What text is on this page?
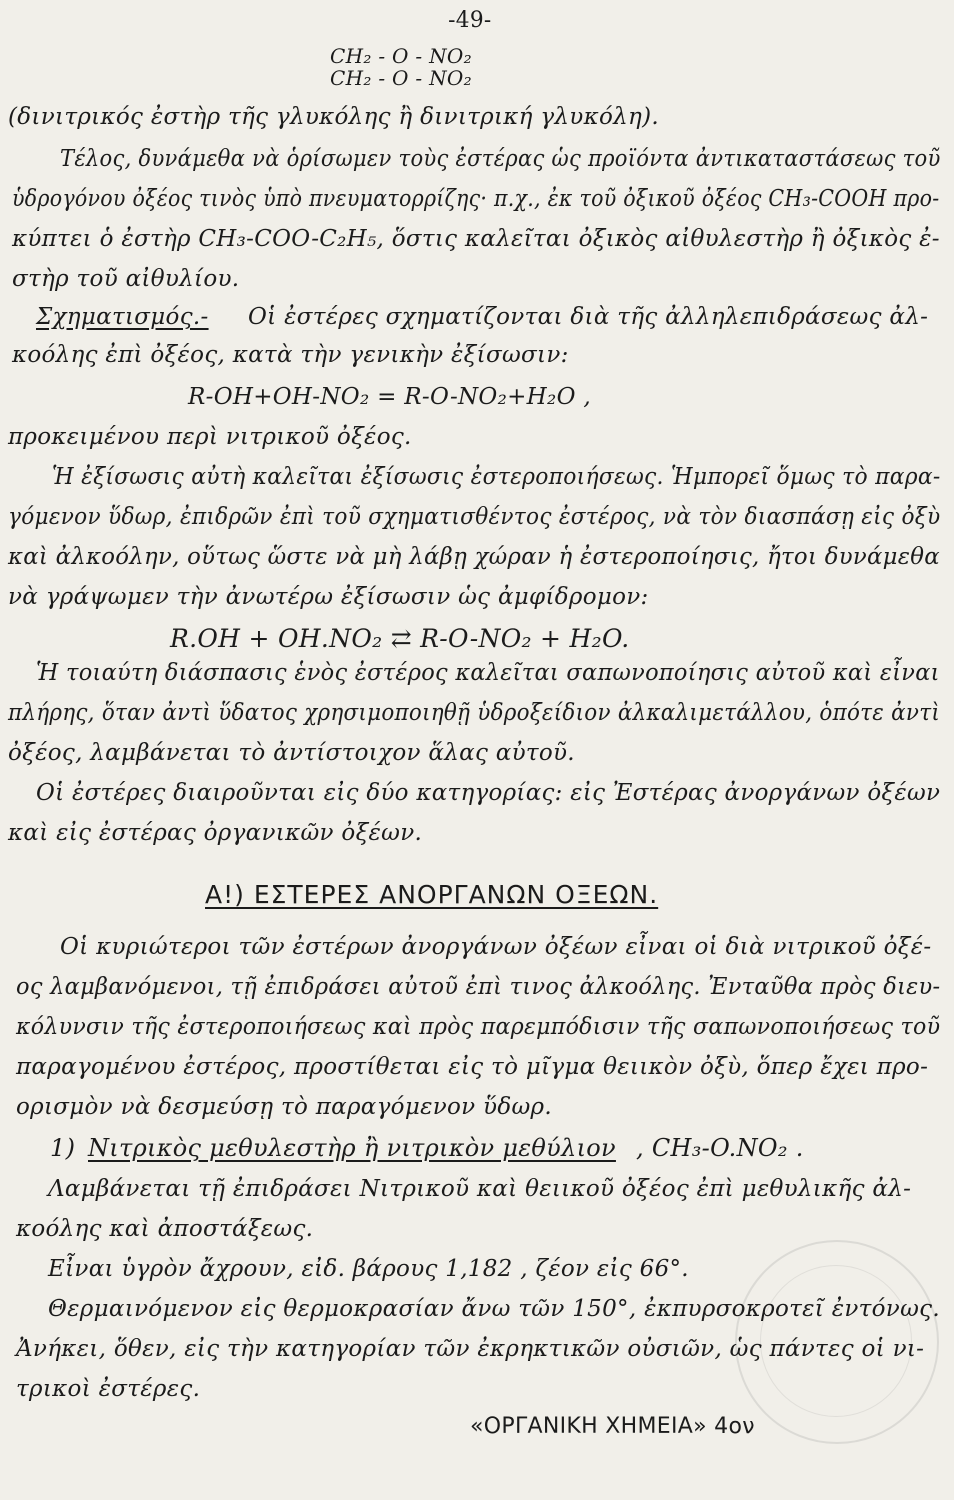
-49-
CH₂ - O - NO₂
CH₂ - O - NO₂
(δινιτρικός ἐστὴρ τῆς γλυκόλης ἢ δινιτρική γλυκόλη).
Τέλος, δυνάμεθα νὰ ὁρίσωμεν τοὺς ἐστέρας ὡς προϊόντα ἀντικαταστάσεως τοῦ
ὑδρογόνου ὀξέος τινὸς ὑπὸ πνευματορρίζης· π.χ., ἐκ τοῦ ὀξικοῦ ὀξέος CH₃-COOH προ-
κύπτει ὁ ἐστὴρ CH₃-COO-C₂H₅, ὅστις καλεῖται ὀξικὸς αἰθυλεστὴρ ἢ ὀξικὸς ἐ-
στὴρ τοῦ αἰθυλίου.
Σχηματισμός.- Οἱ ἐστέρες σχηματίζονται διὰ τῆς ἀλληλεπιδράσεως ἀλ-
κοόλης ἐπὶ ὀξέος, κατὰ τὴν γενικὴν ἐξίσωσιν:
R-OH+OH-NO₂ = R-O-NO₂+H₂O ,
προκειμένου περὶ νιτρικοῦ ὀξέος.
Ἡ ἐξίσωσις αὐτὴ καλεῖται ἐξίσωσις ἐστεροποιήσεως. Ἡμπορεῖ ὅμως τὸ παρα-
γόμενον ὕδωρ, ἐπιδρῶν ἐπὶ τοῦ σχηματισθέντος ἐστέρος, νὰ τὸν διασπάσῃ εἰς ὀξὺ
καὶ ἀλκοόλην, οὕτως ὥστε νὰ μὴ λάβῃ χώραν ἡ ἐστεροποίησις, ἤτοι δυνάμεθα
νὰ γράψωμεν τὴν ἀνωτέρω ἐξίσωσιν ὡς ἀμφίδρομον:
R.OH + OH.NO₂ ⇄ R-O-NO₂ + H₂O.
Ἡ τοιαύτη διάσπασις ἑνὸς ἐστέρος καλεῖται σαπωνοποίησις αὐτοῦ καὶ εἶναι
πλήρης, ὅταν ἀντὶ ὕδατος χρησιμοποιηθῇ ὑδροξείδιον ἀλκαλιμετάλλου, ὁπότε ἀντὶ
ὀξέος, λαμβάνεται τὸ ἀντίστοιχον ἅλας αὐτοῦ.
Οἱ ἐστέρες διαιροῦνται εἰς δύο κατηγορίας: εἰς Ἐστέρας ἀνοργάνων ὀξέων
καὶ εἰς ἐστέρας ὀργανικῶν ὀξέων.
Α!) ΕΣΤΕΡΕΣ ΑΝΟΡΓΑΝΩΝ ΟΞΕΩΝ.
Οἱ κυριώτεροι τῶν ἐστέρων ἀνοργάνων ὀξέων εἶναι οἱ διὰ νιτρικοῦ ὀξέ-
ος λαμβανόμενοι, τῇ ἐπιδράσει αὐτοῦ ἐπὶ τινος ἀλκοόλης. Ἐνταῦθα πρὸς διευ-
κόλυνσιν τῆς ἐστεροποιήσεως καὶ πρὸς παρεμπόδισιν τῆς σαπωνοποιήσεως τοῦ
παραγομένου ἐστέρος, προστίθεται εἰς τὸ μῖγμα θειικὸν ὀξὺ, ὅπερ ἔχει προ-
ορισμὸν νὰ δεσμεύσῃ τὸ παραγόμενον ὕδωρ.
1) Νιτρικὸς μεθυλεστὴρ ἢ νιτρικὸν μεθύλιον , CH₃-O.NO₂ .
Λαμβάνεται τῇ ἐπιδράσει Νιτρικοῦ καὶ θειικοῦ ὀξέος ἐπὶ μεθυλικῆς ἀλ-
κοόλης καὶ ἀποστάξεως.
Εἶναι ὑγρὸν ἄχρουν, εἰδ. βάρους 1,182 , ζέον εἰς 66°.
Θερμαινόμενον εἰς θερμοκρασίαν ἄνω τῶν 150°, ἐκπυρσοκροτεῖ ἐντόνως.
Ἀνήκει, ὅθεν, εἰς τὴν κατηγορίαν τῶν ἐκρηκτικῶν οὐσιῶν, ὡς πάντες οἱ νι-
τρικοὶ ἐστέρες.
«ΟΡΓΑΝΙΚΗ ΧΗΜΕΙΑ» 4ον
